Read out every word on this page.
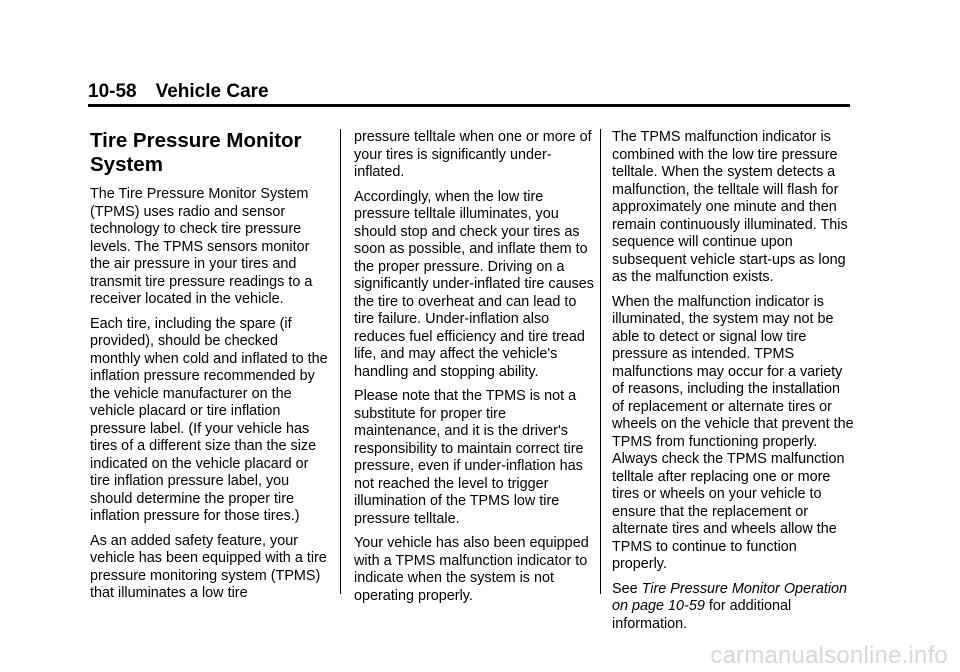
10-58 Vehicle Care
Tire Pressure Monitor System

The Tire Pressure Monitor System (TPMS) uses radio and sensor technology to check tire pressure levels. The TPMS sensors monitor the air pressure in your tires and transmit tire pressure readings to a receiver located in the vehicle.

Each tire, including the spare (if provided), should be checked monthly when cold and inflated to the inflation pressure recommended by the vehicle manufacturer on the vehicle placard or tire inflation pressure label. (If your vehicle has tires of a different size than the size indicated on the vehicle placard or tire inflation pressure label, you should determine the proper tire inflation pressure for those tires.)

As an added safety feature, your vehicle has been equipped with a tire pressure monitoring system (TPMS) that illuminates a low tire

pressure telltale when one or more of your tires is significantly under-inflated.

Accordingly, when the low tire pressure telltale illuminates, you should stop and check your tires as soon as possible, and inflate them to the proper pressure. Driving on a significantly under-inflated tire causes the tire to overheat and can lead to tire failure. Under-inflation also reduces fuel efficiency and tire tread life, and may affect the vehicle's handling and stopping ability.

Please note that the TPMS is not a substitute for proper tire maintenance, and it is the driver's responsibility to maintain correct tire pressure, even if under-inflation has not reached the level to trigger illumination of the TPMS low tire pressure telltale.

Your vehicle has also been equipped with a TPMS malfunction indicator to indicate when the system is not operating properly.

The TPMS malfunction indicator is combined with the low tire pressure telltale. When the system detects a malfunction, the telltale will flash for approximately one minute and then remain continuously illuminated. This sequence will continue upon subsequent vehicle start-ups as long as the malfunction exists.

When the malfunction indicator is illuminated, the system may not be able to detect or signal low tire pressure as intended. TPMS malfunctions may occur for a variety of reasons, including the installation of replacement or alternate tires or wheels on the vehicle that prevent the TPMS from functioning properly. Always check the TPMS malfunction telltale after replacing one or more tires or wheels on your vehicle to ensure that the replacement or alternate tires and wheels allow the TPMS to continue to function properly.

See Tire Pressure Monitor Operation on page 10-59 for additional information.

carmanualsonline.info
